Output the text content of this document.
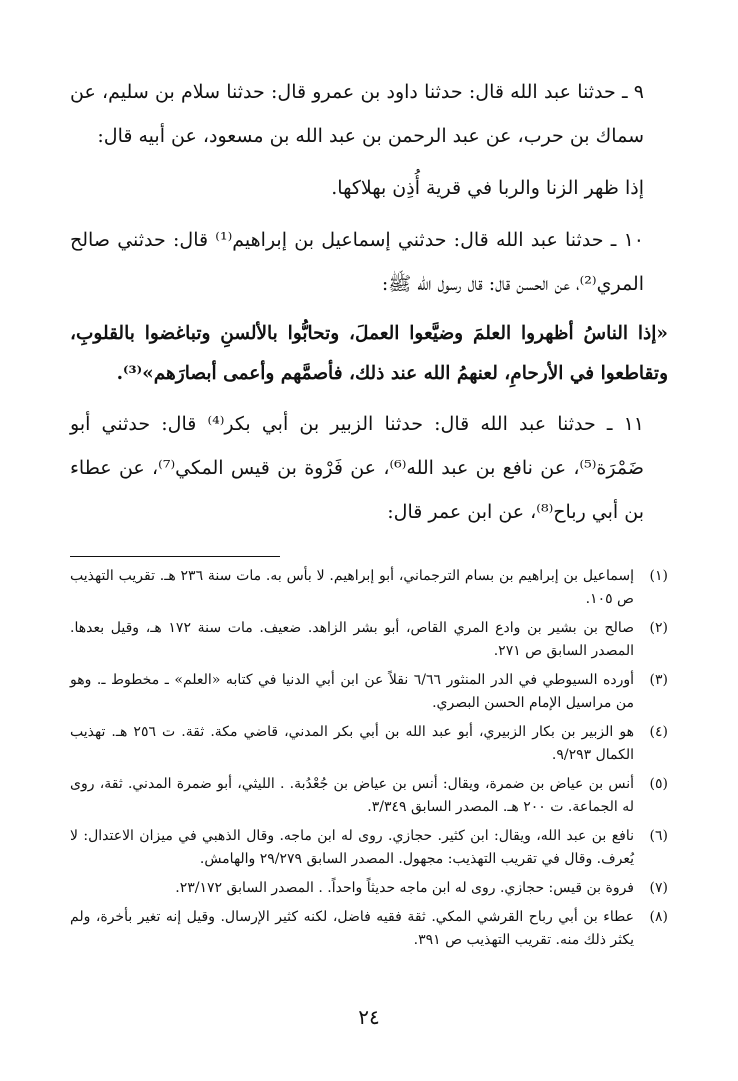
٩ ـ حدثنا عبد الله قال: حدثنا داود بن عمرو قال: حدثنا سلام بن سليم، عن سماك بن حرب، عن عبد الرحمن بن عبد الله بن مسعود، عن أبيه قال:

إذا ظهر الزنا والربا في قرية أُذِن بهلاكها.

١٠ ـ حدثنا عبد الله قال: حدثني إسماعيل بن إبراهيم⁽¹⁾ قال: حدثني صالح المري⁽²⁾، عن الحسن قال: قال رسول الله ﷺ:

«إذا الناسُ أظهروا العلمَ وضيَّعوا العملَ، وتحابُّوا بالألسنِ وتباغضوا بالقلوبِ، وتقاطعوا في الأرحامِ، لعنهمُ الله عند ذلك، فأصمَّهم وأعمى أبصارَهم»⁽³⁾.

١١ ـ حدثنا عبد الله قال: حدثنا الزبير بن أبي بكر⁽⁴⁾ قال: حدثني أبو ضَمْرَة⁽⁵⁾، عن نافع بن عبد الله⁽⁶⁾، عن فَرْوة بن قيس المكي⁽⁷⁾، عن عطاء بن أبي رباح⁽⁸⁾، عن ابن عمر قال:

(١)
إسماعيل بن إبراهيم بن بسام الترجماني، أبو إبراهيم. لا بأس به. مات سنة ٢٣٦ هـ. تقريب التهذيب ص ١٠٥.
(٢)
صالح بن بشير بن وادع المري القاص، أبو بشر الزاهد. ضعيف. مات سنة ١٧٢ هـ، وقيل بعدها. المصدر السابق ص ٢٧١.
(٣)
أورده السيوطي في الدر المنثور ٦/٦٦ نقلاً عن ابن أبي الدنيا في كتابه «العلم» ـ مخطوط ـ. وهو من مراسيل الإمام الحسن البصري.
(٤)
هو الزبير بن بكار الزبيري، أبو عبد الله بن أبي بكر المدني، قاضي مكة. ثقة. ت ٢٥٦ هـ. تهذيب الكمال ٩/٢٩٣.
(٥)
أنس بن عياض بن ضمرة، ويقال: أنس بن عياض بن جُعْدُبة. . الليثي، أبو ضمرة المدني. ثقة، روى له الجماعة. ت ٢٠٠ هـ. المصدر السابق ٣/٣٤٩.
(٦)
نافع بن عبد الله، ويقال: ابن كثير. حجازي. روى له ابن ماجه. وقال الذهبي في ميزان الاعتدال: لا يُعرف. وقال في تقريب التهذيب: مجهول. المصدر السابق ٢٩/٢٧٩ والهامش.
(٧)
فروة بن قيس: حجازي. روى له ابن ماجه حديثاً واحداً. . المصدر السابق ٢٣/١٧٢.
(٨)
عطاء بن أبي رباح القرشي المكي. ثقة فقيه فاضل، لكنه كثير الإرسال. وقيل إنه تغير بأخرة، ولم يكثر ذلك منه. تقريب التهذيب ص ٣٩١.
٢٤
